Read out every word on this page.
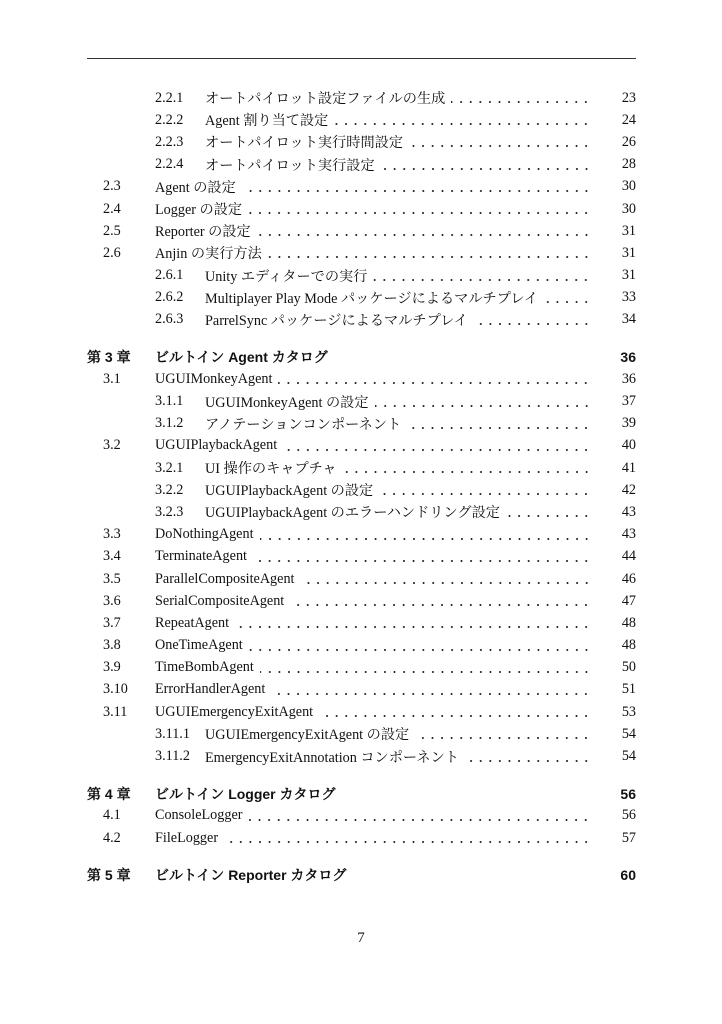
2.2.1	オートパイロット設定ファイルの生成	23
2.2.2	Agent 割り当て設定	24
2.2.3	オートパイロット実行時間設定	26
2.2.4	オートパイロット実行設定	28
2.3	Agent の設定	30
2.4	Logger の設定	30
2.5	Reporter の設定	31
2.6	Anjin の実行方法	31
2.6.1	Unity エディターでの実行	31
2.6.2	Multiplayer Play Mode パッケージによるマルチプレイ	33
2.6.3	ParrelSync パッケージによるマルチプレイ	34
第 3 章	ビルトイン Agent カタログ	36
3.1	UGUIMonkeyAgent	36
3.1.1	UGUIMonkeyAgent の設定	37
3.1.2	アノテーションコンポーネント	39
3.2	UGUIPlaybackAgent	40
3.2.1	UI 操作のキャプチャ	41
3.2.2	UGUIPlaybackAgent の設定	42
3.2.3	UGUIPlaybackAgent のエラーハンドリング設定	43
3.3	DoNothingAgent	43
3.4	TerminateAgent	44
3.5	ParallelCompositeAgent	46
3.6	SerialCompositeAgent	47
3.7	RepeatAgent	48
3.8	OneTimeAgent	48
3.9	TimeBombAgent	50
3.10	ErrorHandlerAgent	51
3.11	UGUIEmergencyExitAgent	53
3.11.1	UGUIEmergencyExitAgent の設定	54
3.11.2	EmergencyExitAnnotation コンポーネント	54
第 4 章	ビルトイン Logger カタログ	56
4.1	ConsoleLogger	56
4.2	FileLogger	57
第 5 章	ビルトイン Reporter カタログ	60
7
